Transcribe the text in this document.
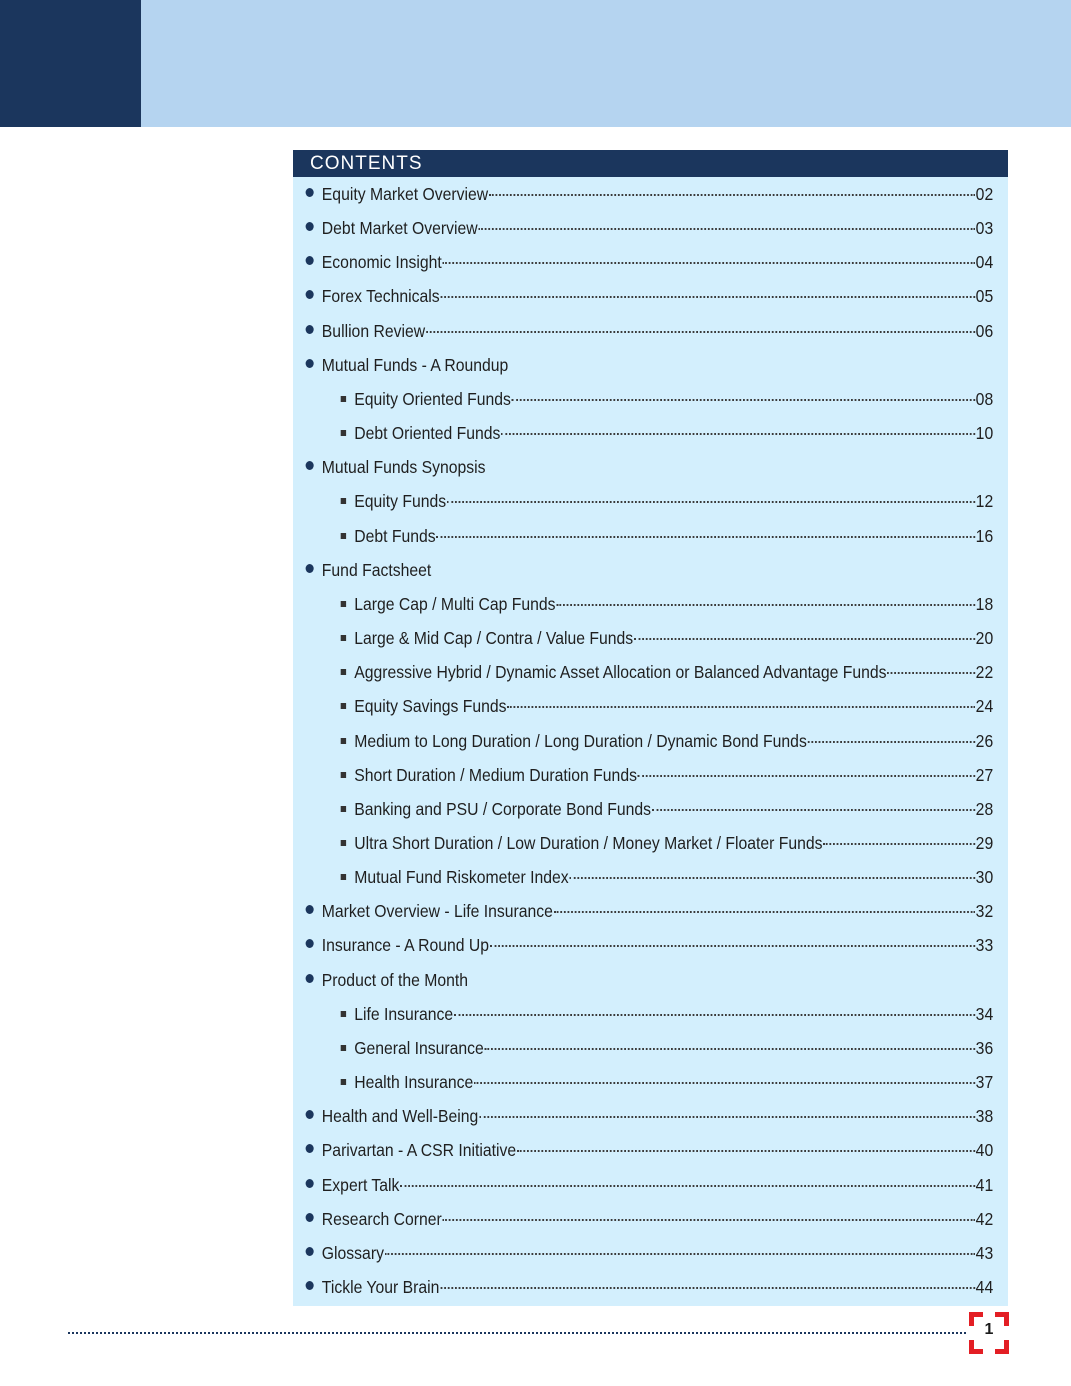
CONTENTS
Equity Market Overview	02
Debt Market Overview	03
Economic Insight	04
Forex Technicals	05
Bullion Review	06
Mutual Funds - A Roundup
Equity Oriented Funds	08
Debt Oriented Funds	10
Mutual Funds Synopsis
Equity Funds	12
Debt Funds	16
Fund Factsheet
Large Cap / Multi Cap Funds	18
Large & Mid Cap / Contra / Value Funds	20
Aggressive Hybrid / Dynamic Asset Allocation or Balanced Advantage Funds	22
Equity Savings Funds	24
Medium to Long Duration / Long Duration / Dynamic Bond Funds	26
Short Duration / Medium Duration Funds	27
Banking and PSU / Corporate Bond Funds	28
Ultra Short Duration / Low Duration / Money Market / Floater Funds	29
Mutual Fund Riskometer Index	30
Market Overview - Life Insurance	32
Insurance - A Round Up	33
Product of the Month
Life Insurance	34
General Insurance	36
Health Insurance	37
Health and Well-Being	38
Parivartan - A CSR Initiative	40
Expert Talk	41
Research Corner	42
Glossary	43
Tickle Your Brain	44
1
